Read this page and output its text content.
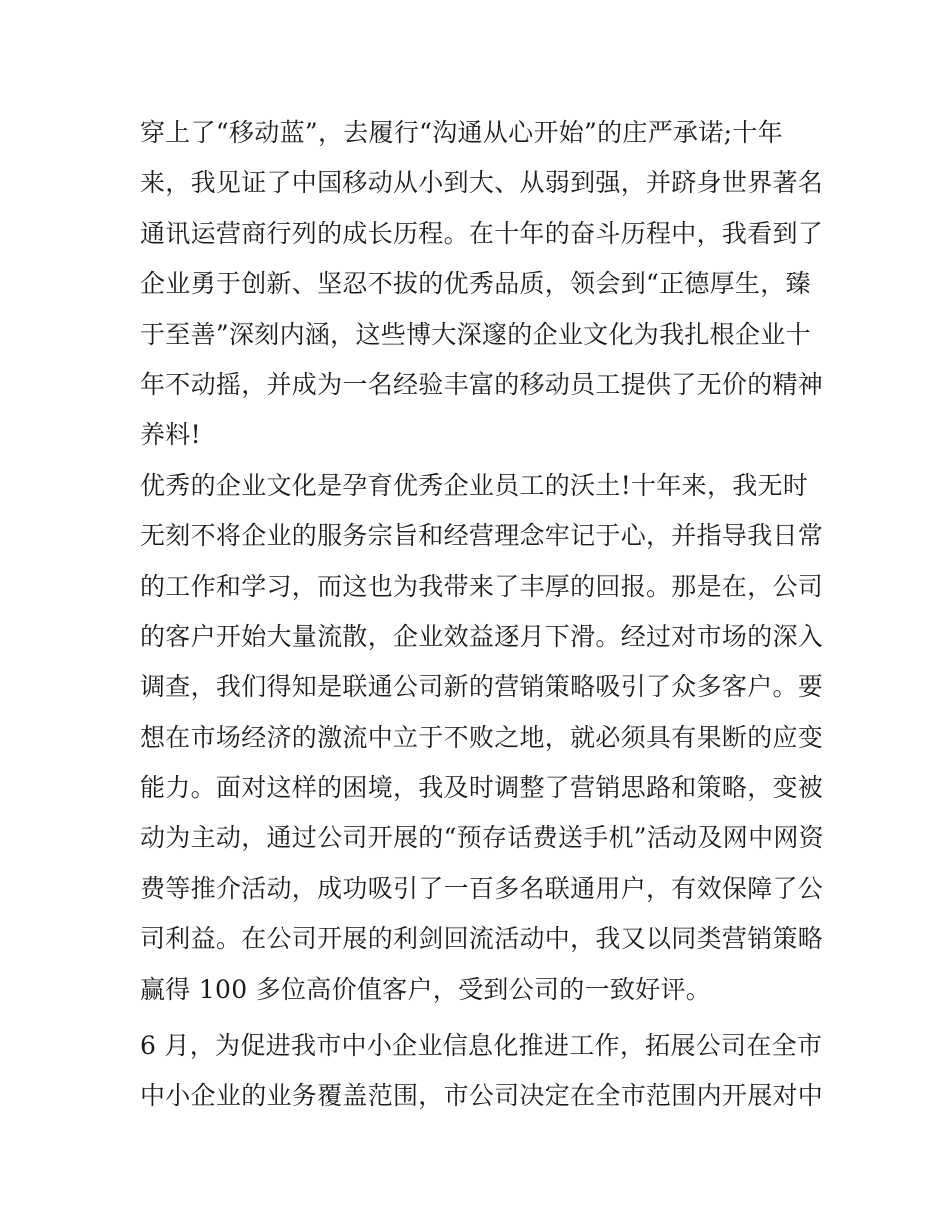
穿上了“移动蓝”，去履行“沟通从心开始”的庄严承诺;十年
来，我见证了中国移动从小到大、从弱到强，并跻身世界著名
通讯运营商行列的成长历程。在十年的奋斗历程中，我看到了
企业勇于创新、坚忍不拔的优秀品质，领会到“正德厚生，臻
于至善”深刻内涵，这些博大深邃的企业文化为我扎根企业十
年不动摇，并成为一名经验丰富的移动员工提供了无价的精神
养料!
优秀的企业文化是孕育优秀企业员工的沃土!十年来，我无时
无刻不将企业的服务宗旨和经营理念牢记于心，并指导我日常
的工作和学习，而这也为我带来了丰厚的回报。那是在，公司
的客户开始大量流散，企业效益逐月下滑。经过对市场的深入
调查，我们得知是联通公司新的营销策略吸引了众多客户。要
想在市场经济的激流中立于不败之地，就必须具有果断的应变
能力。面对这样的困境，我及时调整了营销思路和策略，变被
动为主动，通过公司开展的“预存话费送手机”活动及网中网资
费等推介活动，成功吸引了一百多名联通用户，有效保障了公
司利益。在公司开展的利剑回流活动中，我又以同类营销策略
赢得 100 多位高价值客户，受到公司的一致好评。
6 月，为促进我市中小企业信息化推进工作，拓展公司在全市
中小企业的业务覆盖范围，市公司决定在全市范围内开展对中
